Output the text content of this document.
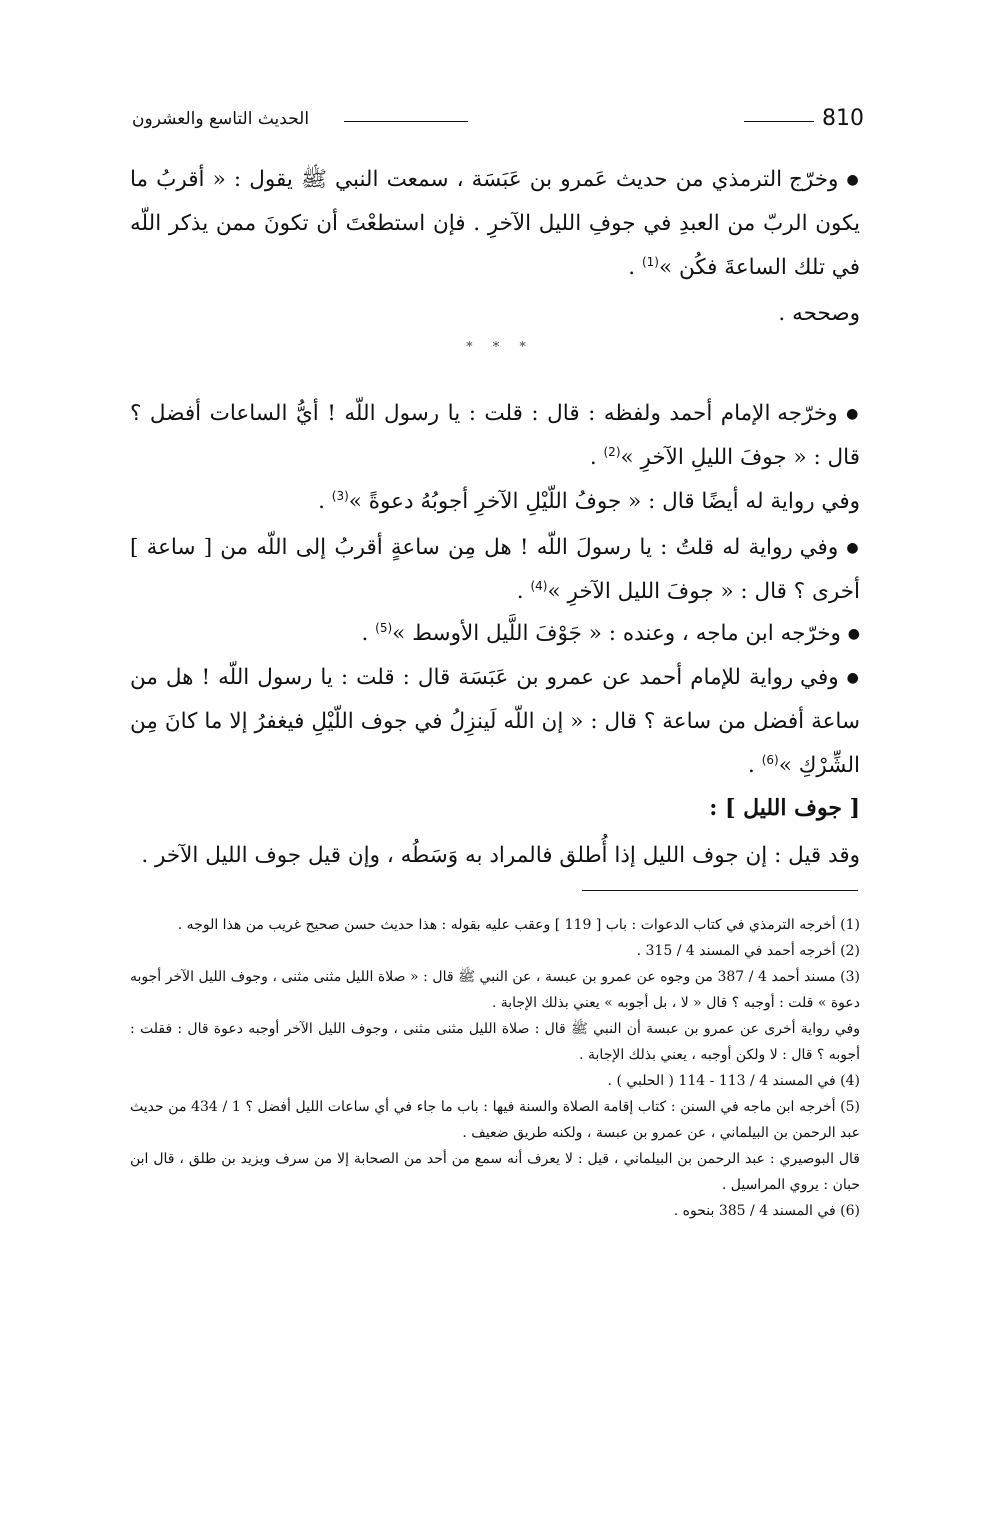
810
الحديث التاسع والعشرون
● وخرّج الترمذي من حديث عَمرو بن عَبَسَة ، سمعت النبي ﷺ يقول : « أقربُ ما يكون الربّ من العبدِ في جوفِ الليل الآخرِ . فإن استطعْتَ أن تكونَ ممن يذكر اللّه في تلك الساعةَ فكُن »$^{(1)}$ .
وصححه .
* * *
● وخرّجه الإمام أحمد ولفظه : قال : قلت : يا رسول اللّه ! أيُّ الساعات أفضل ؟ قال : « جوفَ الليلِ الآخرِ »$^{(2)}$ .
وفي رواية له أيضًا قال : « جوفُ اللّيْلِ الآخرِ أجوبُهُ دعوةً »$^{(3)}$ .
● وفي رواية له قلتُ : يا رسولَ اللّه ! هل مِن ساعةٍ أقربُ إلى اللّه من [ ساعة ] أخرى ؟ قال : « جوفَ الليل الآخرِ »$^{(4)}$ .
● وخرّجه ابن ماجه ، وعنده : « جَوْفَ اللَّيل الأوسط »$^{(5)}$ .
● وفي رواية للإمام أحمد عن عمرو بن عَبَسَة قال : قلت : يا رسول اللّه ! هل من ساعة أفضل من ساعة ؟ قال : « إن اللّه لَينزِلُ في جوف اللّيْلِ فيغفرُ إلا ما كانَ مِن الشِّرْكِ »$^{(6)}$ .
[ جوف الليل ] :
وقد قيل : إن جوف الليل إذا أُطلق فالمراد به وَسَطُه ، وإن قيل جوف الليل الآخر .

(1) أخرجه الترمذي في كتاب الدعوات : باب [ 119 ] وعقب عليه بقوله : هذا حديث حسن صحيح غريب من هذا الوجه .

(2) أخرجه أحمد في المسند 4 / 315 .

(3) مسند أحمد 4 / 387 من وجوه عن عمرو بن عبسة ، عن النبي ﷺ قال : « صلاة الليل مثنى مثنى ، وجوف الليل الآخر أجوبه دعوة » قلت : أوجبه ؟ قال « لا ، بل أجوبه » يعني بذلك الإجابة .

وفي رواية أخرى عن عمرو بن عبسة أن النبي ﷺ قال : صلاة الليل مثنى مثنى ، وجوف الليل الآخر أوجبه دعوة قال : فقلت : أجوبه ؟ قال : لا ولكن أوجبه ، يعني بذلك الإجابة .

(4) في المسند 4 / 113 - 114 ( الحلبي ) .

(5) أخرجه ابن ماجه في السنن : كتاب إقامة الصلاة والسنة فيها : باب ما جاء في أي ساعات الليل أفضل ؟ 1 / 434 من حديث عبد الرحمن بن البيلماني ، عن عمرو بن عبسة ، ولكنه طريق ضعيف .

قال البوصيري : عبد الرحمن بن البيلماني ، قيل : لا يعرف أنه سمع من أحد من الصحابة إلا من سرف ويزيد بن طلق ، قال ابن حبان : يروي المراسيل .

(6) في المسند 4 / 385 بنحوه .
